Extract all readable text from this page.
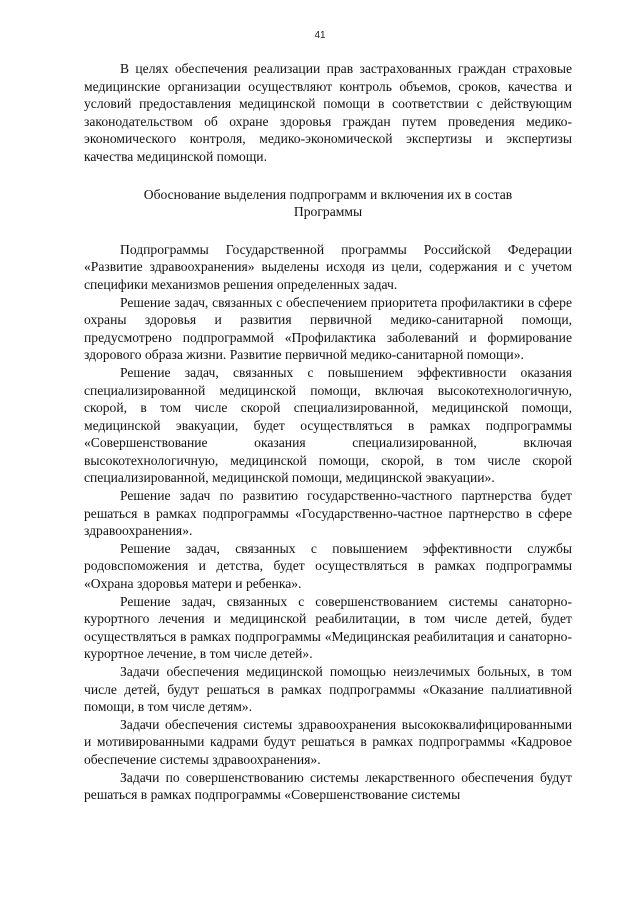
41

В целях обеспечения реализации прав застрахованных граждан страховые медицинские организации осуществляют контроль объемов, сроков, качества и условий предоставления медицинской помощи в соответствии с действующим законодательством об охране здоровья граждан путем проведения медико-экономического контроля, медико-экономической экспертизы и экспертизы качества медицинской помощи.

Обоснование выделения подпрограмм и включения их в состав
Программы

Подпрограммы Государственной программы Российской Федерации «Развитие здравоохранения» выделены исходя из цели, содержания и с учетом специфики механизмов решения определенных задач.

Решение задач, связанных с обеспечением приоритета профилактики в сфере охраны здоровья и развития первичной медико-санитарной помощи, предусмотрено подпрограммой «Профилактика заболеваний и формирование здорового образа жизни. Развитие первичной медико-санитарной помощи».

Решение задач, связанных с повышением эффективности оказания специализированной медицинской помощи, включая высокотехнологичную, скорой, в том числе скорой специализированной, медицинской помощи, медицинской эвакуации, будет осуществляться в рамках подпрограммы «Совершенствование оказания специализированной, включая высокотехнологичную, медицинской помощи, скорой, в том числе скорой специализированной, медицинской помощи, медицинской эвакуации».

Решение задач по развитию государственно-частного партнерства будет решаться в рамках подпрограммы «Государственно-частное партнерство в сфере здравоохранения».

Решение задач, связанных с повышением эффективности службы родовспоможения и детства, будет осуществляться в рамках подпрограммы «Охрана здоровья матери и ребенка».

Решение задач, связанных с совершенствованием системы санаторно-курортного лечения и медицинской реабилитации, в том числе детей, будет осуществляться в рамках подпрограммы «Медицинская реабилитация и санаторно-курортное лечение, в том числе детей».

Задачи обеспечения медицинской помощью неизлечимых больных, в том числе детей, будут решаться в рамках подпрограммы «Оказание паллиативной помощи, в том числе детям».

Задачи обеспечения системы здравоохранения высококвалифицированными и мотивированными кадрами будут решаться в рамках подпрограммы «Кадровое обеспечение системы здравоохранения».

Задачи по совершенствованию системы лекарственного обеспечения будут решаться в рамках подпрограммы «Совершенствование системы
